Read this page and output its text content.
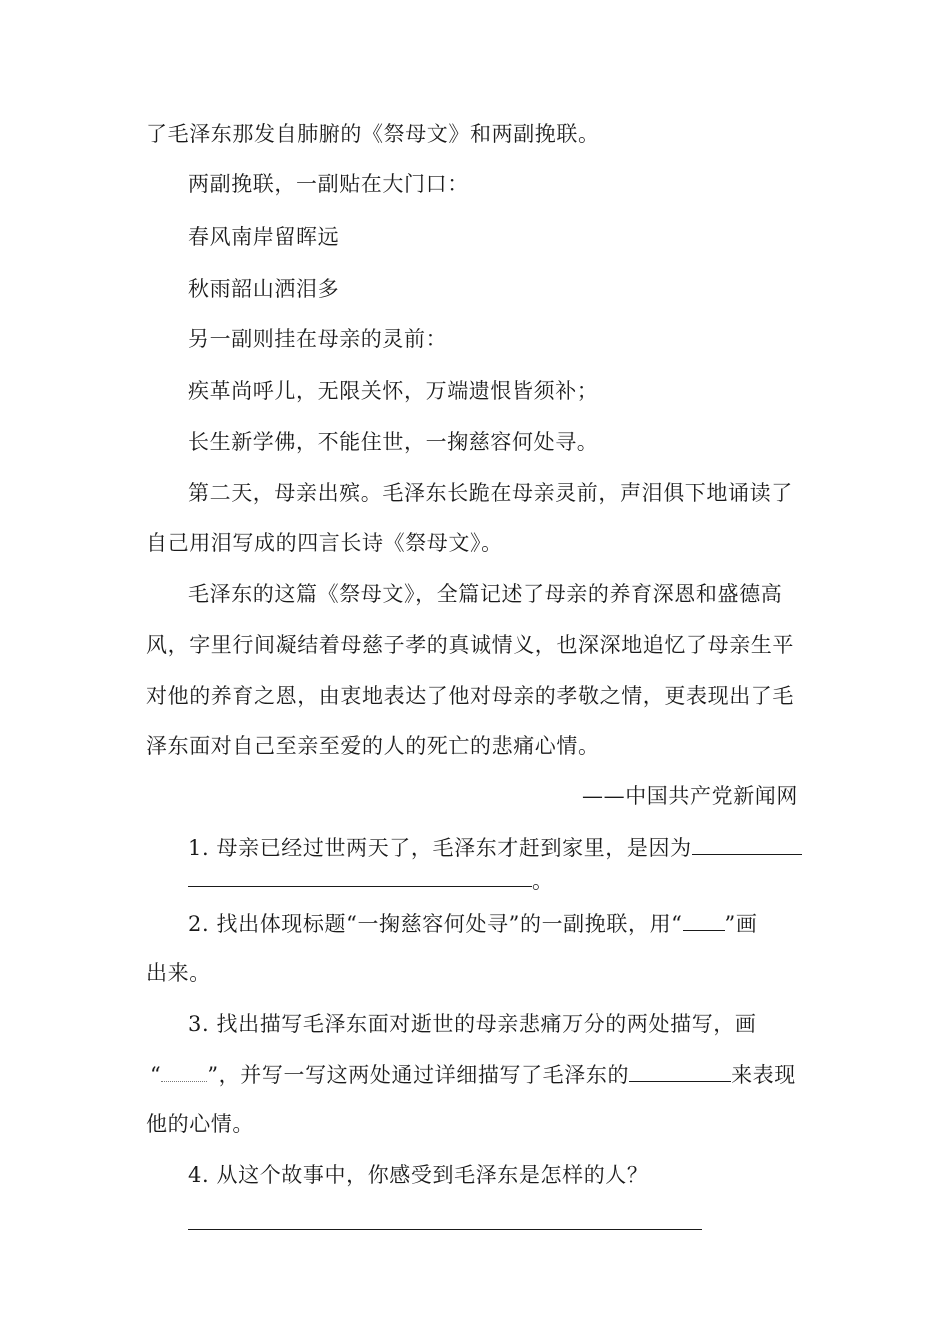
了毛泽东那发自肺腑的《祭母文》和两副挽联。
两副挽联，一副贴在大门口：
春风南岸留晖远
秋雨韶山洒泪多
另一副则挂在母亲的灵前：
疾革尚呼儿，无限关怀，万端遗恨皆须补；
长生新学佛，不能住世，一掬慈容何处寻。
第二天，母亲出殡。毛泽东长跪在母亲灵前，声泪俱下地诵读了
自己用泪写成的四言长诗《祭母文》。
毛泽东的这篇《祭母文》，全篇记述了母亲的养育深恩和盛德高
风，字里行间凝结着母慈子孝的真诚情义，也深深地追忆了母亲生平
对他的养育之恩，由衷地表达了他对母亲的孝敬之情，更表现出了毛
泽东面对自己至亲至爱的人的死亡的悲痛心情。
——中国共产党新闻网
1. 母亲已经过世两天了，毛泽东才赶到家里，是因为
。
2. 找出体现标题“一掬慈容何处寻”的一副挽联，用“ ”画
出来。
3. 找出描写毛泽东面对逝世的母亲悲痛万分的两处描写，画
“ ”，并写一写这两处通过详细描写了毛泽东的	来表现
他的心情。
4. 从这个故事中，你感受到毛泽东是怎样的人？
